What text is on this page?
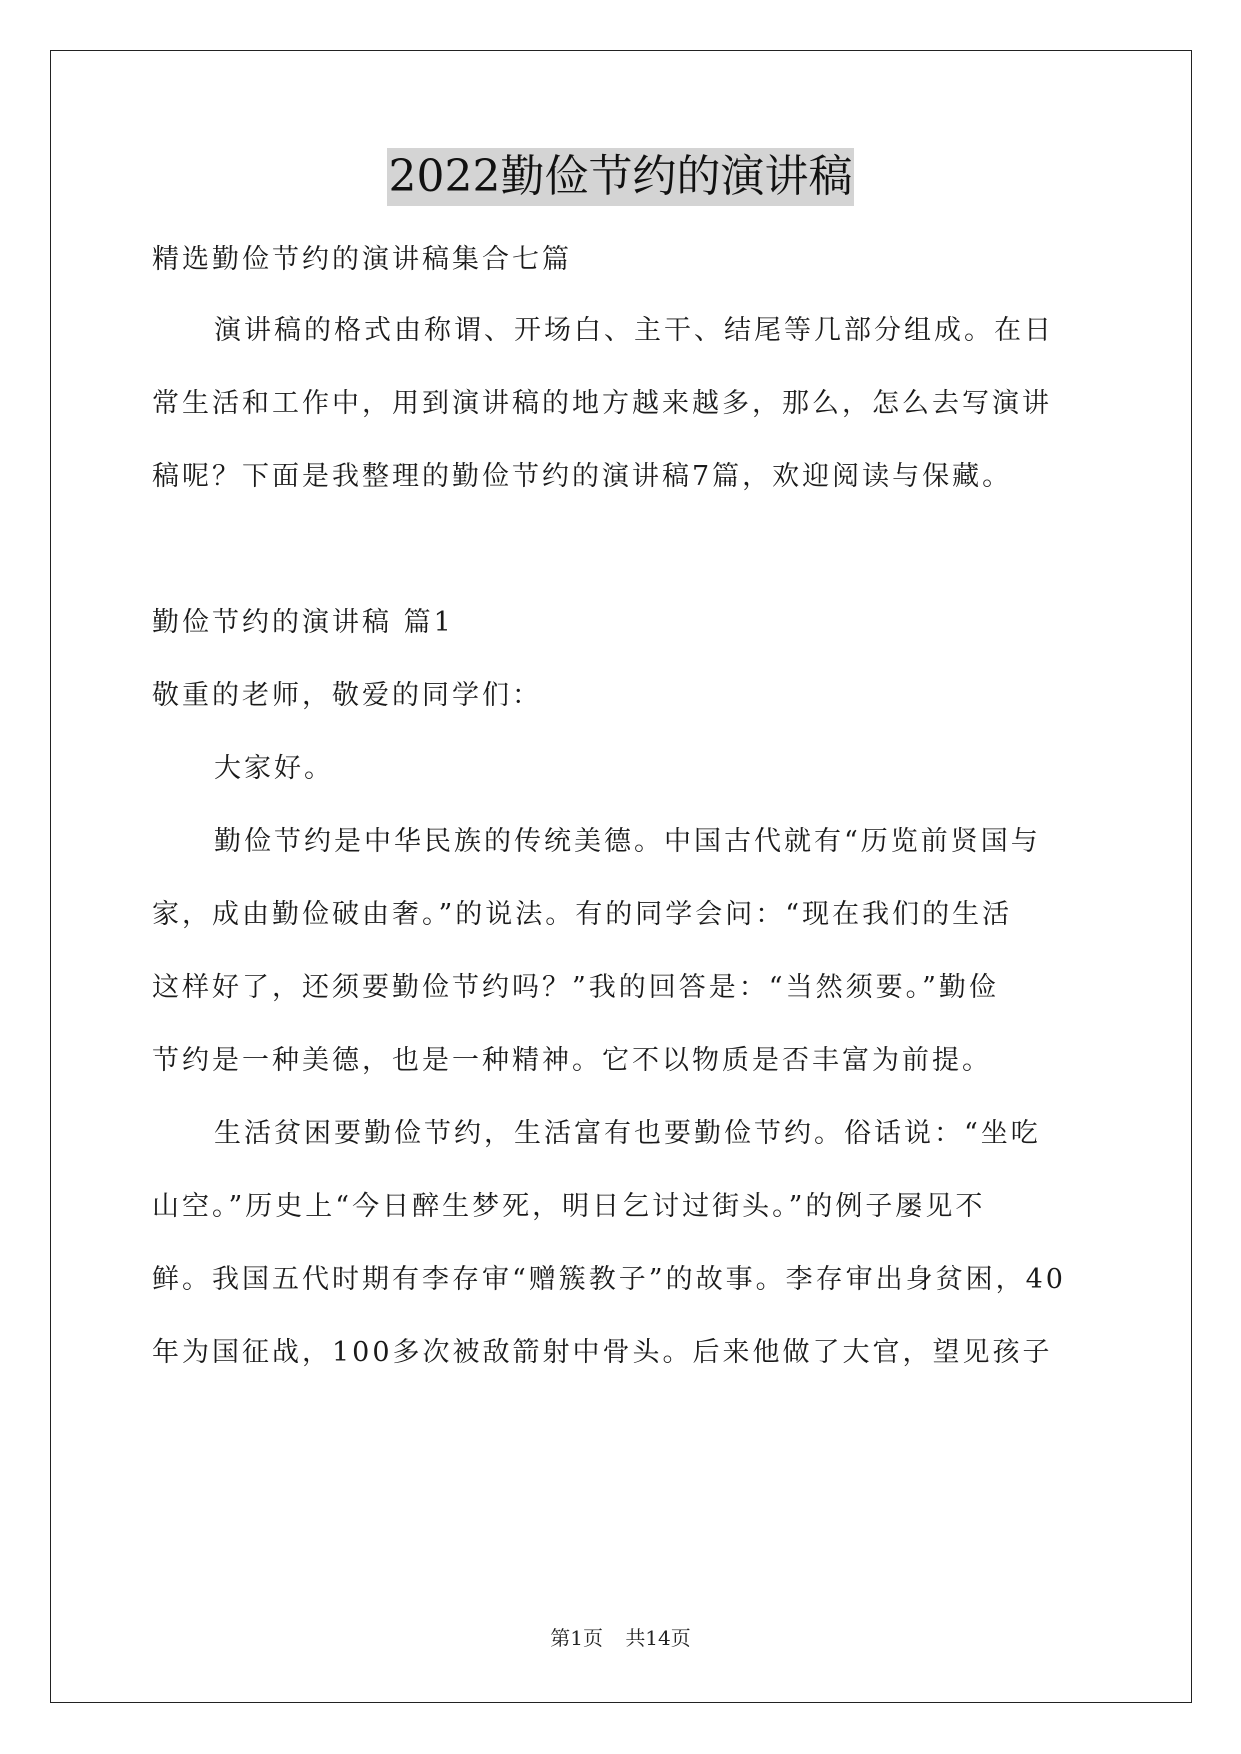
2022勤俭节约的演讲稿
精选勤俭节约的演讲稿集合七篇
演讲稿的格式由称谓、开场白、主干、结尾等几部分组成。在日
常生活和工作中，用到演讲稿的地方越来越多，那么，怎么去写演讲
稿呢？下面是我整理的勤俭节约的演讲稿7篇，欢迎阅读与保藏。
勤俭节约的演讲稿 篇1
敬重的老师，敬爱的同学们：
大家好。
勤俭节约是中华民族的传统美德。中国古代就有“历览前贤国与
家，成由勤俭破由奢。”的说法。有的同学会问：“现在我们的生活
这样好了，还须要勤俭节约吗？”我的回答是：“当然须要。”勤俭
节约是一种美德，也是一种精神。它不以物质是否丰富为前提。
生活贫困要勤俭节约，生活富有也要勤俭节约。俗话说：“坐吃
山空。”历史上“今日醉生梦死，明日乞讨过街头。”的例子屡见不
鲜。我国五代时期有李存审“赠簇教子”的故事。李存审出身贫困，40
年为国征战，100多次被敌箭射中骨头。后来他做了大官，望见孩子
第1页 共14页
